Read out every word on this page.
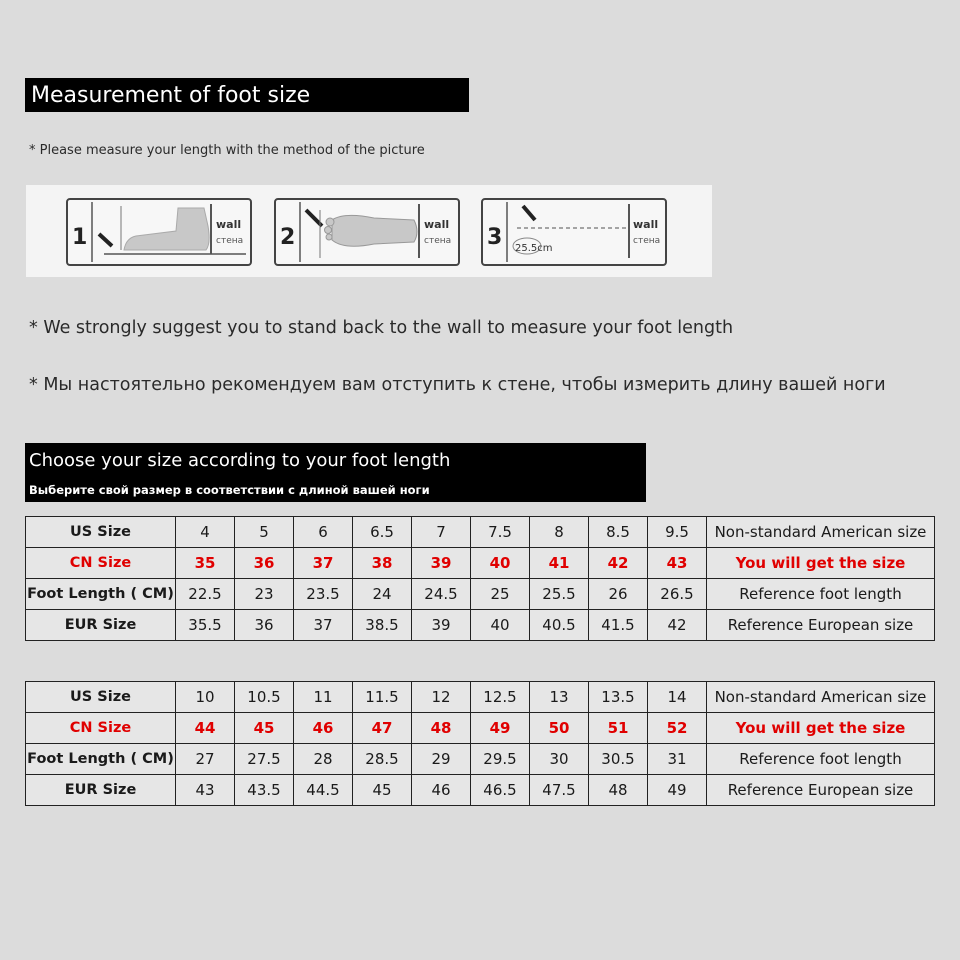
Measurement of foot size
* Please measure your length with the method of the picture
1
wall
стена 2
wall
стена 3 25.5cm
wall
стена
* We strongly suggest you to stand back to the wall to measure your foot length
* Мы настоятельно рекомендуем вам отступить к стене, чтобы измерить длину вашей ноги
Choose your size according to your foot length
Выберите свой размер в соответствии с длиной вашей ноги
US Size	4	5	6	6.5	7	7.5	8	8.5	9.5	Non-standard American size
CN Size	35	36	37	38	39	40	41	42	43	You will get the size
Foot Length ( CM)	22.5	23	23.5	24	24.5	25	25.5	26	26.5	Reference foot length
EUR Size	35.5	36	37	38.5	39	40	40.5	41.5	42	Reference European size
US Size	10	10.5	11	11.5	12	12.5	13	13.5	14	Non-standard American size
CN Size	44	45	46	47	48	49	50	51	52	You will get the size
Foot Length ( CM)	27	27.5	28	28.5	29	29.5	30	30.5	31	Reference foot length
EUR Size	43	43.5	44.5	45	46	46.5	47.5	48	49	Reference European size
